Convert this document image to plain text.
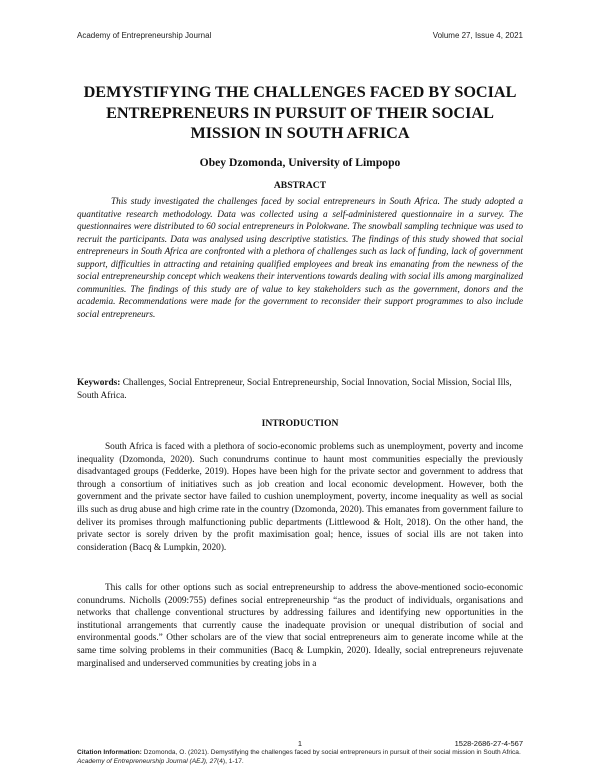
Academy of Entrepreneurship Journal	Volume 27, Issue 4, 2021
DEMYSTIFYING THE CHALLENGES FACED BY SOCIAL ENTREPRENEURS IN PURSUIT OF THEIR SOCIAL MISSION IN SOUTH AFRICA
Obey Dzomonda, University of Limpopo
ABSTRACT

This study investigated the challenges faced by social entrepreneurs in South Africa. The study adopted a quantitative research methodology. Data was collected using a self-administered questionnaire in a survey. The questionnaires were distributed to 60 social entrepreneurs in Polokwane. The snowball sampling technique was used to recruit the participants. Data was analysed using descriptive statistics. The findings of this study showed that social entrepreneurs in South Africa are confronted with a plethora of challenges such as lack of funding, lack of government support, difficulties in attracting and retaining qualified employees and break ins emanating from the newness of the social entrepreneurship concept which weakens their interventions towards dealing with social ills among marginalized communities. The findings of this study are of value to key stakeholders such as the government, donors and the academia. Recommendations were made for the government to reconsider their support programmes to also include social entrepreneurs.

Keywords: Challenges, Social Entrepreneur, Social Entrepreneurship, Social Innovation, Social Mission, Social Ills, South Africa.

INTRODUCTION

South Africa is faced with a plethora of socio-economic problems such as unemployment, poverty and income inequality (Dzomonda, 2020). Such conundrums continue to haunt most communities especially the previously disadvantaged groups (Fedderke, 2019). Hopes have been high for the private sector and government to address that through a consortium of initiatives such as job creation and local economic development. However, both the government and the private sector have failed to cushion unemployment, poverty, income inequality as well as social ills such as drug abuse and high crime rate in the country (Dzomonda, 2020). This emanates from government failure to deliver its promises through malfunctioning public departments (Littlewood & Holt, 2018). On the other hand, the private sector is sorely driven by the profit maximisation goal; hence, issues of social ills are not taken into consideration (Bacq & Lumpkin, 2020).

This calls for other options such as social entrepreneurship to address the above-mentioned socio-economic conundrums. Nicholls (2009:755) defines social entrepreneurship “as the product of individuals, organisations and networks that challenge conventional structures by addressing failures and identifying new opportunities in the institutional arrangements that currently cause the inadequate provision or unequal distribution of social and environmental goods.” Other scholars are of the view that social entrepreneurs aim to generate income while at the same time solving problems in their communities (Bacq & Lumpkin, 2020). Ideally, social entrepreneurs rejuvenate marginalised and underserved communities by creating jobs in a

1	1528-2686-27-4-567

Citation Information: Dzomonda, O. (2021). Demystifying the challenges faced by social entrepreneurs in pursuit of their social mission in South Africa. Academy of Entrepreneurship Journal (AEJ), 27(4), 1-17.
